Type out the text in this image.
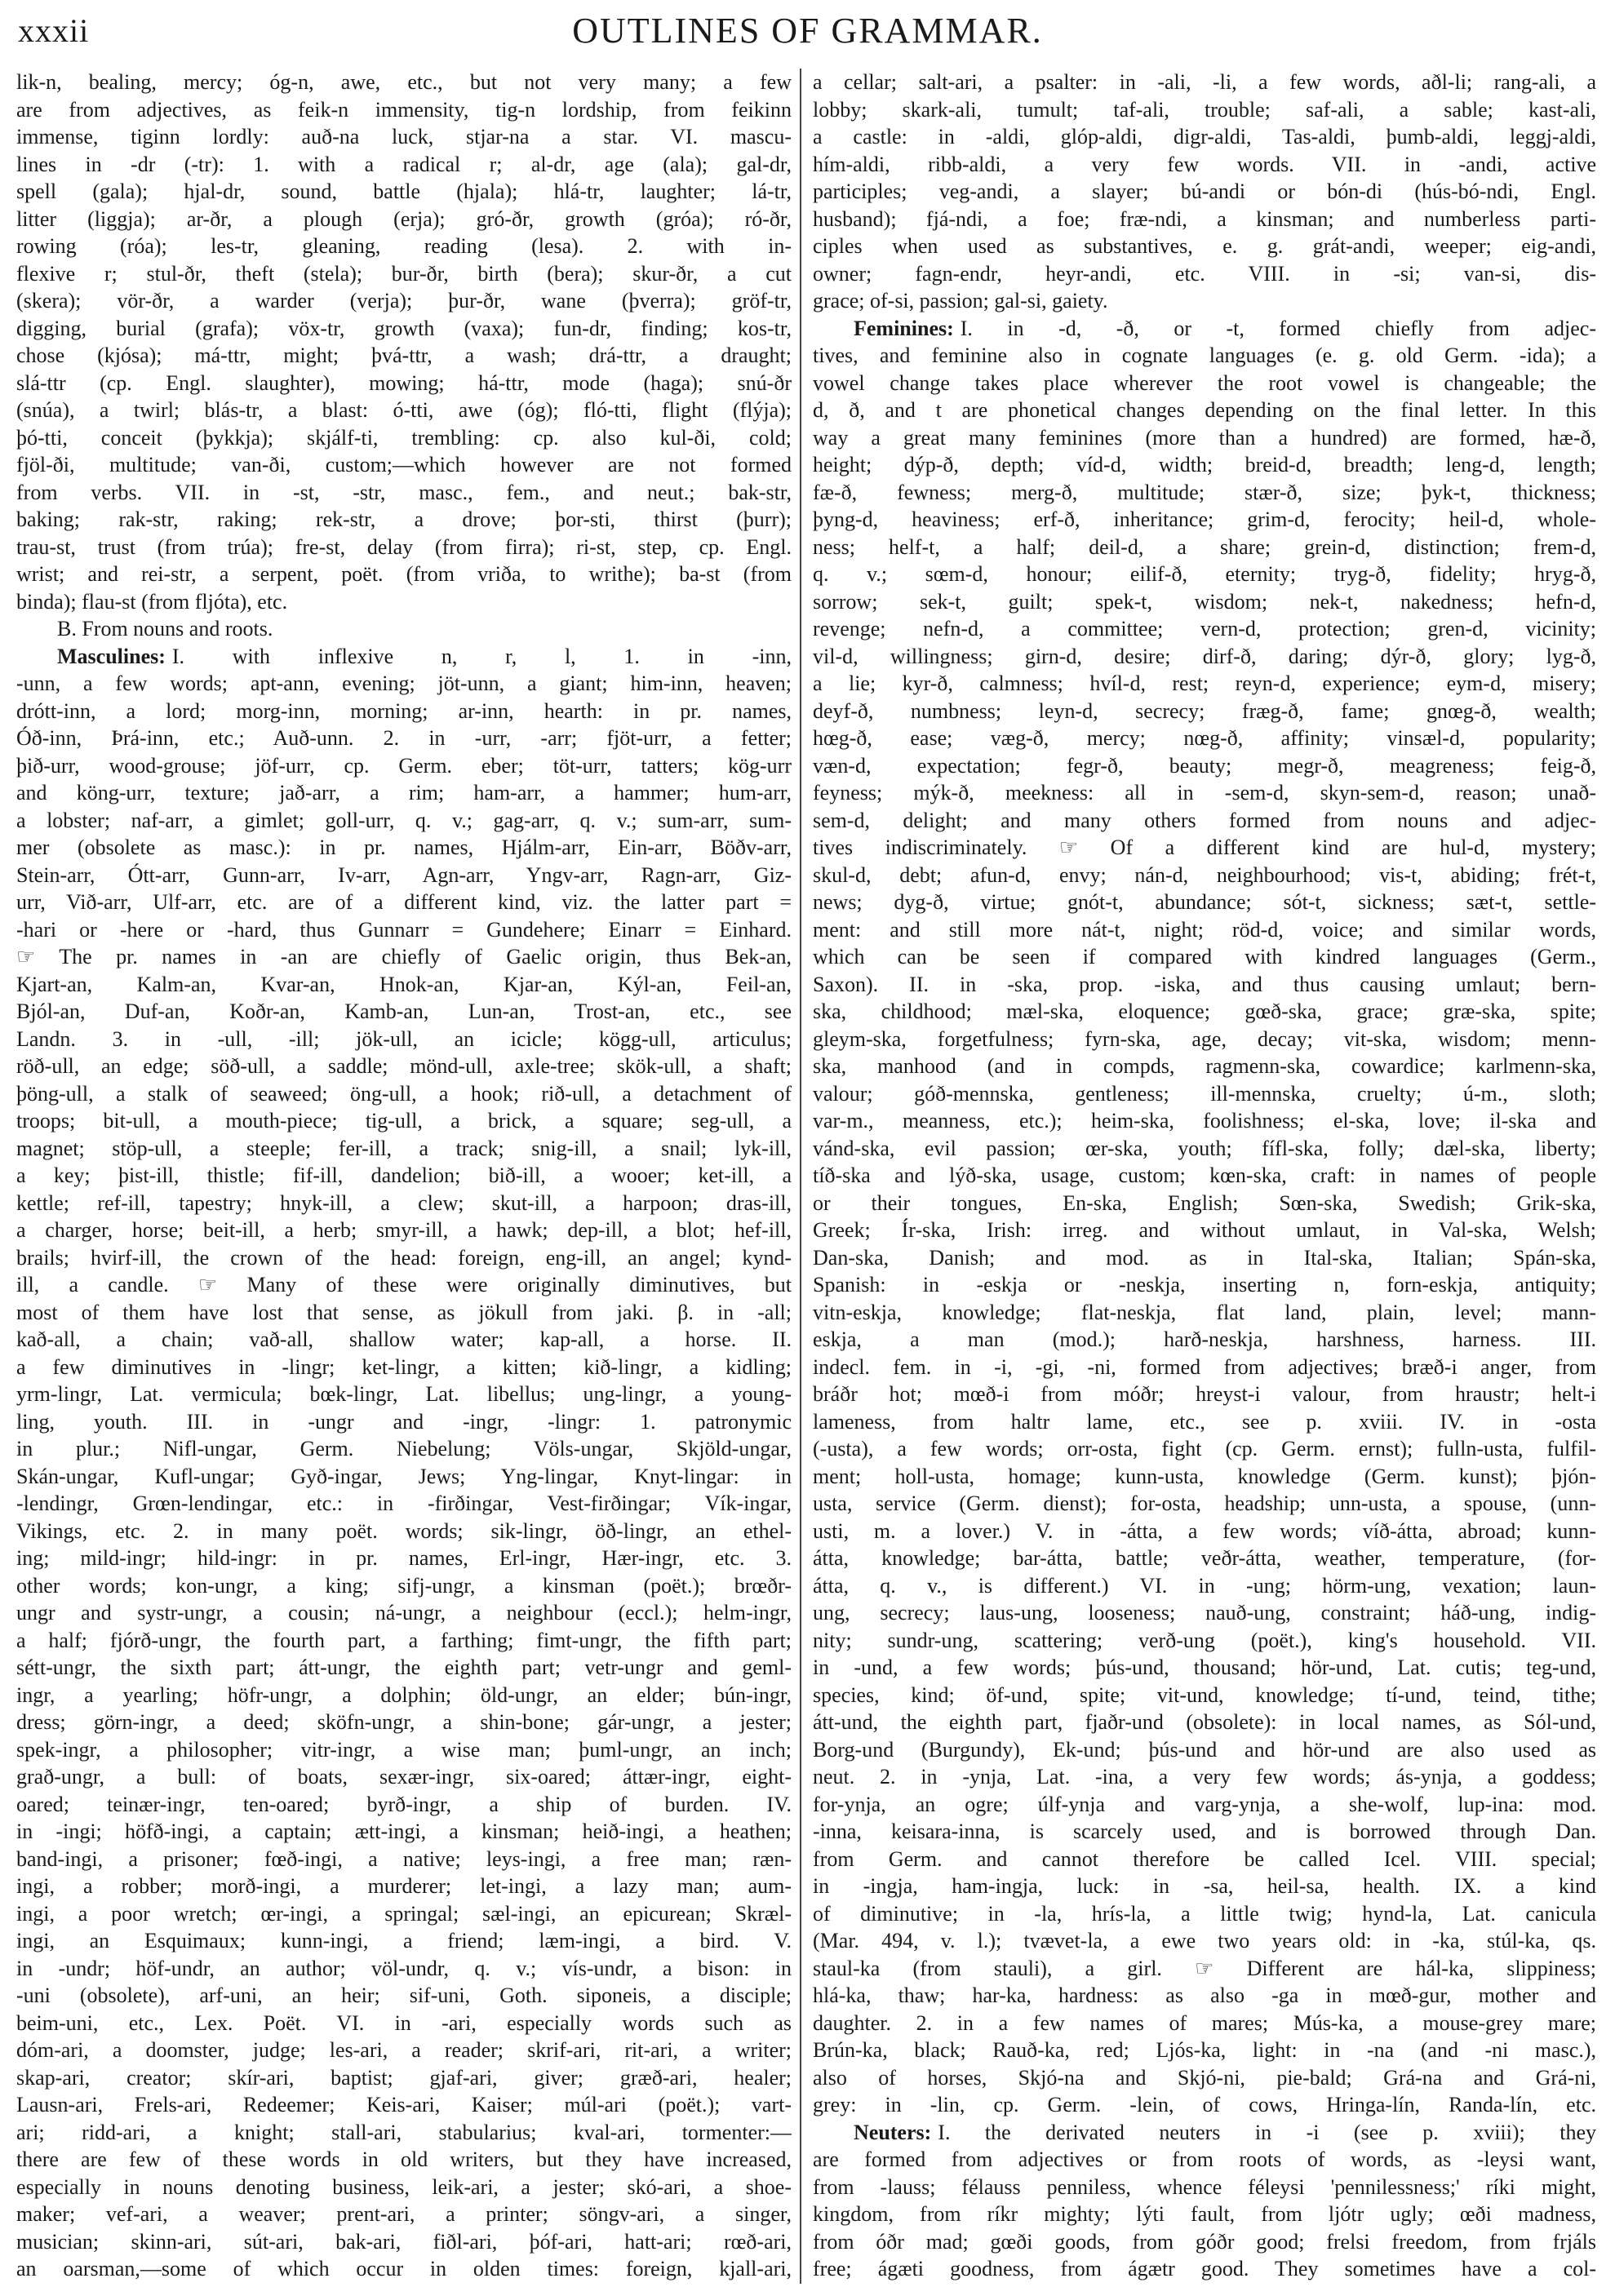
xxxii	OUTLINES OF GRAMMAR.
lik-n, bealing, mercy; óg-n, awe, etc., but not very many; a few
are from adjectives, as feik-n immensity, tig-n lordship, from feikinn
immense, tiginn lordly: auð-na luck, stjar-na a star. VI. mascu-
lines in -dr (-tr): 1. with a radical r; al-dr, age (ala); gal-dr,
spell (gala); hjal-dr, sound, battle (hjala); hlá-tr, laughter; lá-tr,
litter (liggja); ar-ðr, a plough (erja); gró-ðr, growth (gróa); ró-ðr,
rowing (róa); les-tr, gleaning, reading (lesa). 2. with in-
flexive r; stul-ðr, theft (stela); bur-ðr, birth (bera); skur-ðr, a cut
(skera); vör-ðr, a warder (verja); þur-ðr, wane (þverra); gröf-tr,
digging, burial (grafa); vöx-tr, growth (vaxa); fun-dr, finding; kos-tr,
chose (kjósa); má-ttr, might; þvá-ttr, a wash; drá-ttr, a draught;
slá-ttr (cp. Engl. slaughter), mowing; há-ttr, mode (haga); snú-ðr
(snúa), a twirl; blás-tr, a blast: ó-tti, awe (óg); fló-tti, flight (flýja);
þó-tti, conceit (þykkja); skjálf-ti, trembling: cp. also kul-ði, cold;
fjöl-ði, multitude; van-ði, custom;—which however are not formed
from verbs. VII. in -st, -str, masc., fem., and neut.; bak-str,
baking; rak-str, raking; rek-str, a drove; þor-sti, thirst (þurr);
trau-st, trust (from trúa); fre-st, delay (from firra); ri-st, step, cp. Engl.
wrist; and rei-str, a serpent, poët. (from vriða, to writhe); ba-st (from
binda); flau-st (from fljóta), etc.
B. From nouns and roots.
Masculines: I. with inflexive n, r, l, 1. in -inn,
-unn, a few words; apt-ann, evening; jöt-unn, a giant; him-inn, heaven;
drótt-inn, a lord; morg-inn, morning; ar-inn, hearth: in pr. names,
Óð-inn, Þrá-inn, etc.; Auð-unn. 2. in -urr, -arr; fjöt-urr, a fetter;
þið-urr, wood-grouse; jöf-urr, cp. Germ. eber; töt-urr, tatters; kög-urr
and köng-urr, texture; jað-arr, a rim; ham-arr, a hammer; hum-arr,
a lobster; naf-arr, a gimlet; goll-urr, q. v.; gag-arr, q. v.; sum-arr, sum-
mer (obsolete as masc.): in pr. names, Hjálm-arr, Ein-arr, Böðv-arr,
Stein-arr, Ótt-arr, Gunn-arr, Iv-arr, Agn-arr, Yngv-arr, Ragn-arr, Giz-
urr, Við-arr, Ulf-arr, etc. are of a different kind, viz. the latter part =
-hari or -here or -hard, thus Gunnarr = Gundehere; Einarr = Einhard.
☞ The pr. names in -an are chiefly of Gaelic origin, thus Bek-an,
Kjart-an, Kalm-an, Kvar-an, Hnok-an, Kjar-an, Kýl-an, Feil-an,
Bjól-an, Duf-an, Koðr-an, Kamb-an, Lun-an, Trost-an, etc., see
Landn. 3. in -ull, -ill; jök-ull, an icicle; kögg-ull, articulus;
röð-ull, an edge; söð-ull, a saddle; mönd-ull, axle-tree; skök-ull, a shaft;
þöng-ull, a stalk of seaweed; öng-ull, a hook; rið-ull, a detachment of
troops; bit-ull, a mouth-piece; tig-ull, a brick, a square; seg-ull, a
magnet; stöp-ull, a steeple; fer-ill, a track; snig-ill, a snail; lyk-ill,
a key; þist-ill, thistle; fif-ill, dandelion; bið-ill, a wooer; ket-ill, a
kettle; ref-ill, tapestry; hnyk-ill, a clew; skut-ill, a harpoon; dras-ill,
a charger, horse; beit-ill, a herb; smyr-ill, a hawk; dep-ill, a blot; hef-ill,
brails; hvirf-ill, the crown of the head: foreign, eng-ill, an angel; kynd-
ill, a candle. ☞ Many of these were originally diminutives, but
most of them have lost that sense, as jökull from jaki. β. in -all;
kað-all, a chain; vað-all, shallow water; kap-all, a horse. II.
a few diminutives in -lingr; ket-lingr, a kitten; kið-lingr, a kidling;
yrm-lingr, Lat. vermicula; bœk-lingr, Lat. libellus; ung-lingr, a young-
ling, youth. III. in -ungr and -ingr, -lingr: 1. patronymic
in plur.; Nifl-ungar, Germ. Niebelung; Völs-ungar, Skjöld-ungar,
Skán-ungar, Kufl-ungar; Gyð-ingar, Jews; Yng-lingar, Knyt-lingar: in
-lendingr, Grœn-lendingar, etc.: in -firðingar, Vest-firðingar; Vík-ingar,
Vikings, etc. 2. in many poët. words; sik-lingr, öð-lingr, an ethel-
ing; mild-ingr; hild-ingr: in pr. names, Erl-ingr, Hær-ingr, etc. 3.
other words; kon-ungr, a king; sifj-ungr, a kinsman (poët.); brœðr-
ungr and systr-ungr, a cousin; ná-ungr, a neighbour (eccl.); helm-ingr,
a half; fjórð-ungr, the fourth part, a farthing; fimt-ungr, the fifth part;
sétt-ungr, the sixth part; átt-ungr, the eighth part; vetr-ungr and geml-
ingr, a yearling; höfr-ungr, a dolphin; öld-ungr, an elder; bún-ingr,
dress; görn-ingr, a deed; sköfn-ungr, a shin-bone; gár-ungr, a jester;
spek-ingr, a philosopher; vitr-ingr, a wise man; þuml-ungr, an inch;
grað-ungr, a bull: of boats, sexær-ingr, six-oared; áttær-ingr, eight-
oared; teinær-ingr, ten-oared; byrð-ingr, a ship of burden. IV.
in -ingi; höfð-ingi, a captain; ætt-ingi, a kinsman; heið-ingi, a heathen;
band-ingi, a prisoner; fœð-ingi, a native; leys-ingi, a free man; ræn-
ingi, a robber; morð-ingi, a murderer; let-ingi, a lazy man; aum-
ingi, a poor wretch; œr-ingi, a springal; sæl-ingi, an epicurean; Skræl-
ingi, an Esquimaux; kunn-ingi, a friend; læm-ingi, a bird. V.
in -undr; höf-undr, an author; völ-undr, q. v.; vís-undr, a bison: in
-uni (obsolete), arf-uni, an heir; sif-uni, Goth. siponeis, a disciple;
beim-uni, etc., Lex. Poët. VI. in -ari, especially words such as
dóm-ari, a doomster, judge; les-ari, a reader; skrif-ari, rit-ari, a writer;
skap-ari, creator; skír-ari, baptist; gjaf-ari, giver; græð-ari, healer;
Lausn-ari, Frels-ari, Redeemer; Keis-ari, Kaiser; múl-ari (poët.); vart-
ari; ridd-ari, a knight; stall-ari, stabularius; kval-ari, tormenter:—
there are few of these words in old writers, but they have increased,
especially in nouns denoting business, leik-ari, a jester; skó-ari, a shoe-
maker; vef-ari, a weaver; prent-ari, a printer; söngv-ari, a singer,
musician; skinn-ari, sút-ari, bak-ari, fiðl-ari, þóf-ari, hatt-ari; rœð-ari,
an oarsman,—some of which occur in olden times: foreign, kjall-ari,
a cellar; salt-ari, a psalter: in -ali, -li, a few words, aðl-li; rang-ali, a
lobby; skark-ali, tumult; taf-ali, trouble; saf-ali, a sable; kast-ali,
a castle: in -aldi, glóp-aldi, digr-aldi, Tas-aldi, þumb-aldi, leggj-aldi,
hím-aldi, ribb-aldi, a very few words. VII. in -andi, active
participles; veg-andi, a slayer; bú-andi or bón-di (hús-bó-ndi, Engl.
husband); fjá-ndi, a foe; fræ-ndi, a kinsman; and numberless parti-
ciples when used as substantives, e. g. grát-andi, weeper; eig-andi,
owner; fagn-endr, heyr-andi, etc. VIII. in -si; van-si, dis-
grace; of-si, passion; gal-si, gaiety.
Feminines: I. in -d, -ð, or -t, formed chiefly from adjec-
tives, and feminine also in cognate languages (e. g. old Germ. -ida); a
vowel change takes place wherever the root vowel is changeable; the
d, ð, and t are phonetical changes depending on the final letter. In this
way a great many feminines (more than a hundred) are formed, hæ-ð,
height; dýp-ð, depth; víd-d, width; breid-d, breadth; leng-d, length;
fæ-ð, fewness; merg-ð, multitude; stær-ð, size; þyk-t, thickness;
þyng-d, heaviness; erf-ð, inheritance; grim-d, ferocity; heil-d, whole-
ness; helf-t, a half; deil-d, a share; grein-d, distinction; frem-d,
q. v.; sœm-d, honour; eilif-ð, eternity; tryg-ð, fidelity; hryg-ð,
sorrow; sek-t, guilt; spek-t, wisdom; nek-t, nakedness; hefn-d,
revenge; nefn-d, a committee; vern-d, protection; gren-d, vicinity;
vil-d, willingness; girn-d, desire; dirf-ð, daring; dýr-ð, glory; lyg-ð,
a lie; kyr-ð, calmness; hvíl-d, rest; reyn-d, experience; eym-d, misery;
deyf-ð, numbness; leyn-d, secrecy; fræg-ð, fame; gnœg-ð, wealth;
hœg-ð, ease; væg-ð, mercy; nœg-ð, affinity; vinsæl-d, popularity;
væn-d, expectation; fegr-ð, beauty; megr-ð, meagreness; feig-ð,
feyness; mýk-ð, meekness: all in -sem-d, skyn-sem-d, reason; unað-
sem-d, delight; and many others formed from nouns and adjec-
tives indiscriminately. ☞ Of a different kind are hul-d, mystery;
skul-d, debt; afun-d, envy; nán-d, neighbourhood; vis-t, abiding; frét-t,
news; dyg-ð, virtue; gnót-t, abundance; sót-t, sickness; sæt-t, settle-
ment: and still more nát-t, night; röd-d, voice; and similar words,
which can be seen if compared with kindred languages (Germ.,
Saxon). II. in -ska, prop. -iska, and thus causing umlaut; bern-
ska, childhood; mæl-ska, eloquence; gœð-ska, grace; græ-ska, spite;
gleym-ska, forgetfulness; fyrn-ska, age, decay; vit-ska, wisdom; menn-
ska, manhood (and in compds, ragmenn-ska, cowardice; karlmenn-ska,
valour; góð-mennska, gentleness; ill-mennska, cruelty; ú-m., sloth;
var-m., meanness, etc.); heim-ska, foolishness; el-ska, love; il-ska and
vánd-ska, evil passion; œr-ska, youth; fífl-ska, folly; dæl-ska, liberty;
tíð-ska and lýð-ska, usage, custom; kœn-ska, craft: in names of people
or their tongues, En-ska, English; Sœn-ska, Swedish; Grik-ska,
Greek; Ír-ska, Irish: irreg. and without umlaut, in Val-ska, Welsh;
Dan-ska, Danish; and mod. as in Ital-ska, Italian; Spán-ska,
Spanish: in -eskja or -neskja, inserting n, forn-eskja, antiquity;
vitn-eskja, knowledge; flat-neskja, flat land, plain, level; mann-
eskja, a man (mod.); harð-neskja, harshness, harness. III.
indecl. fem. in -i, -gi, -ni, formed from adjectives; bræð-i anger, from
bráðr hot; mœð-i from móðr; hreyst-i valour, from hraustr; helt-i
lameness, from haltr lame, etc., see p. xviii. IV. in -osta
(-usta), a few words; orr-osta, fight (cp. Germ. ernst); fulln-usta, fulfil-
ment; holl-usta, homage; kunn-usta, knowledge (Germ. kunst); þjón-
usta, service (Germ. dienst); for-osta, headship; unn-usta, a spouse, (unn-
usti, m. a lover.) V. in -átta, a few words; víð-átta, abroad; kunn-
átta, knowledge; bar-átta, battle; veðr-átta, weather, temperature, (for-
átta, q. v., is different.) VI. in -ung; hörm-ung, vexation; laun-
ung, secrecy; laus-ung, looseness; nauð-ung, constraint; háð-ung, indig-
nity; sundr-ung, scattering; verð-ung (poët.), king's household. VII.
in -und, a few words; þús-und, thousand; hör-und, Lat. cutis; teg-und,
species, kind; öf-und, spite; vit-und, knowledge; tí-und, teind, tithe;
átt-und, the eighth part, fjaðr-und (obsolete): in local names, as Sól-und,
Borg-und (Burgundy), Ek-und; þús-und and hör-und are also used as
neut. 2. in -ynja, Lat. -ina, a very few words; ás-ynja, a goddess;
for-ynja, an ogre; úlf-ynja and varg-ynja, a she-wolf, lup-ina: mod.
-inna, keisara-inna, is scarcely used, and is borrowed through Dan.
from Germ. and cannot therefore be called Icel. VIII. special;
in -ingja, ham-ingja, luck: in -sa, heil-sa, health. IX. a kind
of diminutive; in -la, hrís-la, a little twig; hynd-la, Lat. canicula
(Mar. 494, v. l.); tvævet-la, a ewe two years old: in -ka, stúl-ka, qs.
staul-ka (from stauli), a girl. ☞ Different are hál-ka, slippiness;
hlá-ka, thaw; har-ka, hardness: as also -ga in mœð-gur, mother and
daughter. 2. in a few names of mares; Mús-ka, a mouse-grey mare;
Brún-ka, black; Rauð-ka, red; Ljós-ka, light: in -na (and -ni masc.),
also of horses, Skjó-na and Skjó-ni, pie-bald; Grá-na and Grá-ni,
grey: in -lin, cp. Germ. -lein, of cows, Hringa-lín, Randa-lín, etc.
Neuters: I. the derivated neuters in -i (see p. xviii); they
are formed from adjectives or from roots of words, as -leysi want,
from -lauss; félauss penniless, whence féleysi 'pennilessness;' ríki might,
kingdom, from ríkr mighty; lýti fault, from ljótr ugly; œði madness,
from óðr mad; gœði goods, from góðr good; frelsi freedom, from frjáls
free; ágæti goodness, from ágætr good. They sometimes have a col-
